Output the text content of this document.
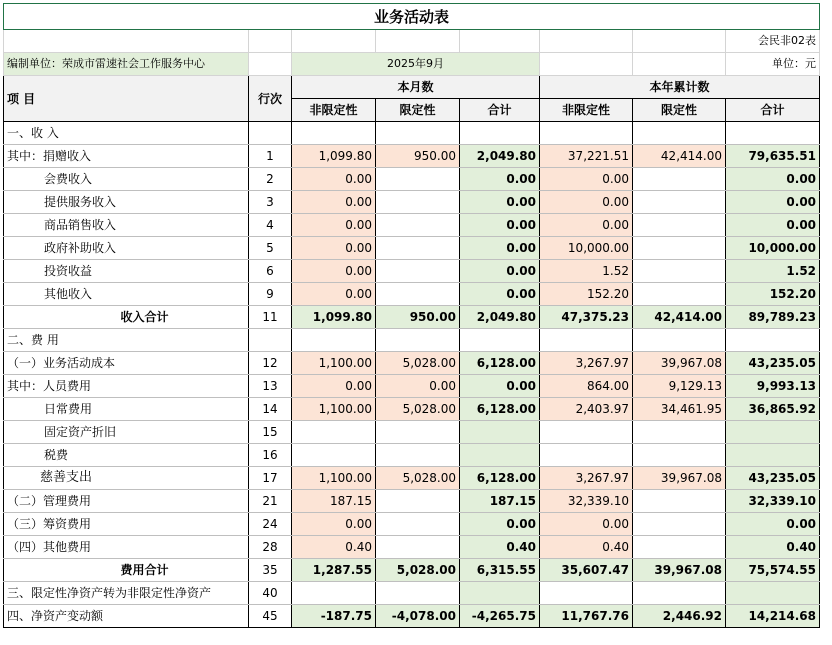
业务活动表							
							会民非02表
编制单位：荣成市雷速社会工作服务中心		2025年9月					单位：元
项 目	行次	本月数			本年累计数		
		非限定性	限定性	合计	非限定性	限定性	合计
一、收 入							
其中：捐赠收入	1	1,099.80	950.00	2,049.80	37,221.51	42,414.00	79,635.51
会费收入	2	0.00		0.00	0.00		0.00
提供服务收入	3	0.00		0.00	0.00		0.00
商品销售收入	4	0.00		0.00	0.00		0.00
政府补助收入	5	0.00		0.00	10,000.00		10,000.00
投资收益	6	0.00		0.00	1.52		1.52
其他收入	9	0.00		0.00	152.20		152.20
收入合计	11	1,099.80	950.00	2,049.80	47,375.23	42,414.00	89,789.23
二、费 用							
（一）业务活动成本	12	1,100.00	5,028.00	6,128.00	3,267.97	39,967.08	43,235.05
其中：人员费用	13	0.00	0.00	0.00	864.00	9,129.13	9,993.13
日常费用	14	1,100.00	5,028.00	6,128.00	2,403.97	34,461.95	36,865.92
固定资产折旧	15						
税费	16						
慈善支出	17	1,100.00	5,028.00	6,128.00	3,267.97	39,967.08	43,235.05
（二）管理费用	21	187.15		187.15	32,339.10		32,339.10
（三）筹资费用	24	0.00		0.00	0.00		0.00
（四）其他费用	28	0.40		0.40	0.40		0.40
费用合计	35	1,287.55	5,028.00	6,315.55	35,607.47	39,967.08	75,574.55
三、限定性净资产转为非限定性净资产	40						
四、净资产变动额	45	-187.75	-4,078.00	-4,265.75	11,767.76	2,446.92	14,214.68
